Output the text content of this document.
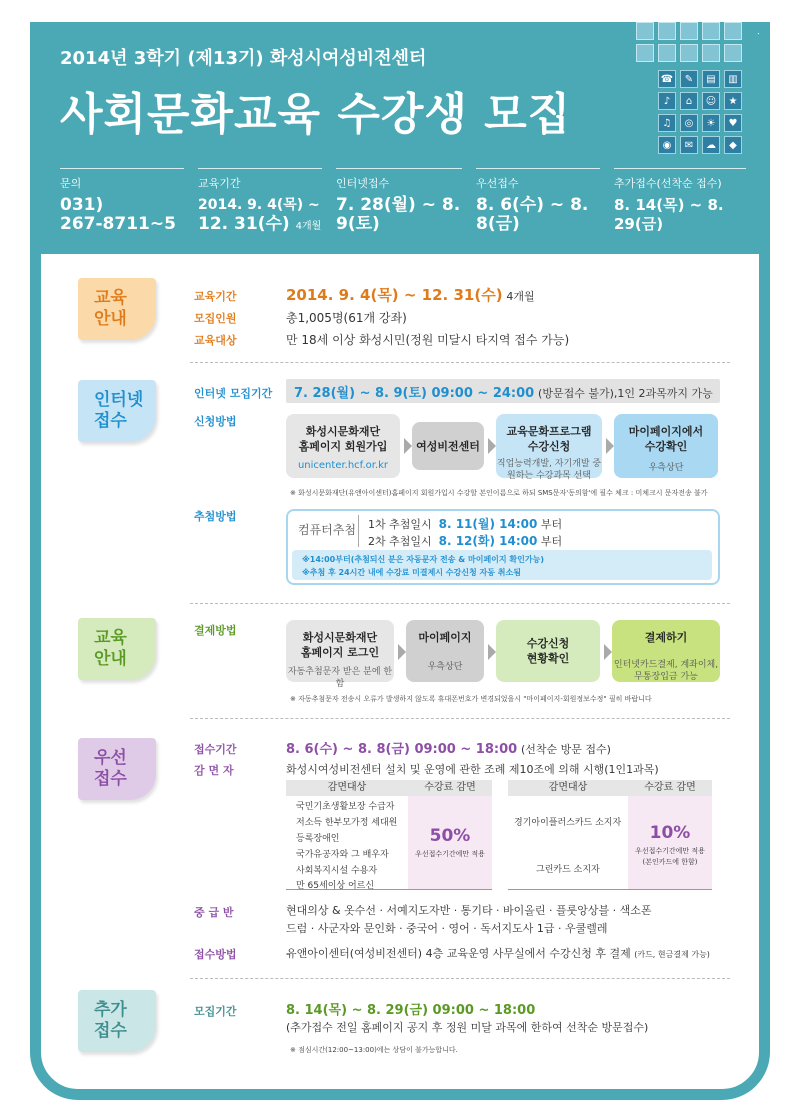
2014년 3학기 (제13기) 화성시여성비전센터
사회문화교육 수강생 모집
☎	✎	▤	▥
♪	⌂	☺	★
♫	◎	☀	♥
◉	✉	☁	◆
문의
031)
267-8711~5
교육기간
2014. 9. 4(목) ~
12. 31(수) 4개월
인터넷접수
7. 28(월) ~ 8. 9(토)
우선접수
8. 6(수) ~ 8. 8(금)
추가접수(선착순 접수)
8. 14(목) ~ 8. 29(금)
교육
안내
교육기간	2014. 9. 4(목) ~ 12. 31(수) 4개월
모집인원	총1,005명(61개 강좌)
교육대상	만 18세 이상 화성시민(정원 미달시 타지역 접수 가능)
인터넷
접수
인터넷 모집기간 7. 28(월) ~ 8. 9(토) 09:00 ~ 24:00 (방문접수 불가),1인 2과목까지 가능
신청방법
화성시문화재단
홈페이지 회원가입
unicenter.hcf.or.kr
여성비전센터
교육문화프로그램
수강신청
직업능력개발, 자기개발 중
원하는 수강과목 선택
마이페이지에서
수강확인
우측상단
※ 화성시문화재단(유앤아이센터)홈페이지 회원가입시 수강할 본인이름으로 하되 SMS문자'동의함'에 필수 체크 : 미체크시 문자전송 불가
추첨방법
컴퓨터추첨 1차 추첨일시 8. 11(월) 14:00 부터
2차 추첨일시 8. 12(화) 14:00 부터
※14:00부터(추첨되신 분은 자동문자 전송 & 마이페이지 확인가능)
※추첨 후 24시간 내에 수강료 미결제시 수강신청 자동 취소됨
교육
안내
결제방법
화성시문화재단
홈페이지 로그인
자동추첨문자 받은 분에 한함
마이페이지
우측상단
수강신청
현황확인
결제하기
인터넷카드결제, 계좌이체,
무통장입금 가능
※ 자동추첨문자 전송시 오류가 발생하지 않도록 휴대폰번호가 변경되었을시 "마이페이지-회원정보수정" 필히 바랍니다
우선
접수
접수기간	8. 6(수) ~ 8. 8(금) 09:00 ~ 18:00 (선착순 방문 접수)
감 면 자	화성시여성비전센터 설치 및 운영에 관한 조례 제10조에 의해 시행(1인1과목)
감면대상	수강료 감면
국민기초생활보장 수급자
저소득 한부모가정 세대원
등록장애인
국가유공자와 그 배우자
사회복지시설 수용자
만 65세이상 어르신
50%
우선접수기간에만 적용
감면대상	수강료 감면
경기아이플러스카드 소지자
그린카드 소지자
10%
우선접수기간에만 적용
(본인카드에 한함)
중 급 반	현대의상 & 옷수선 · 서예지도자반 · 통기타 · 바이올린 · 플룻앙상블 · 색소폰
드럼 · 사군자와 문인화 · 중국어 · 영어 · 독서지도사 1급 · 우쿨렐레
접수방법	유앤아이센터(여성비전센터) 4층 교육운영 사무실에서 수강신청 후 결제 (카드, 현금결제 가능)
추가
접수
모집기간	8. 14(목) ~ 8. 29(금) 09:00 ~ 18:00
(추가접수 전일 홈페이지 공지 후 정원 미달 과목에 한하여 선착순 방문접수)
※ 점심시간(12:00~13:00)에는 상담이 불가능합니다.
